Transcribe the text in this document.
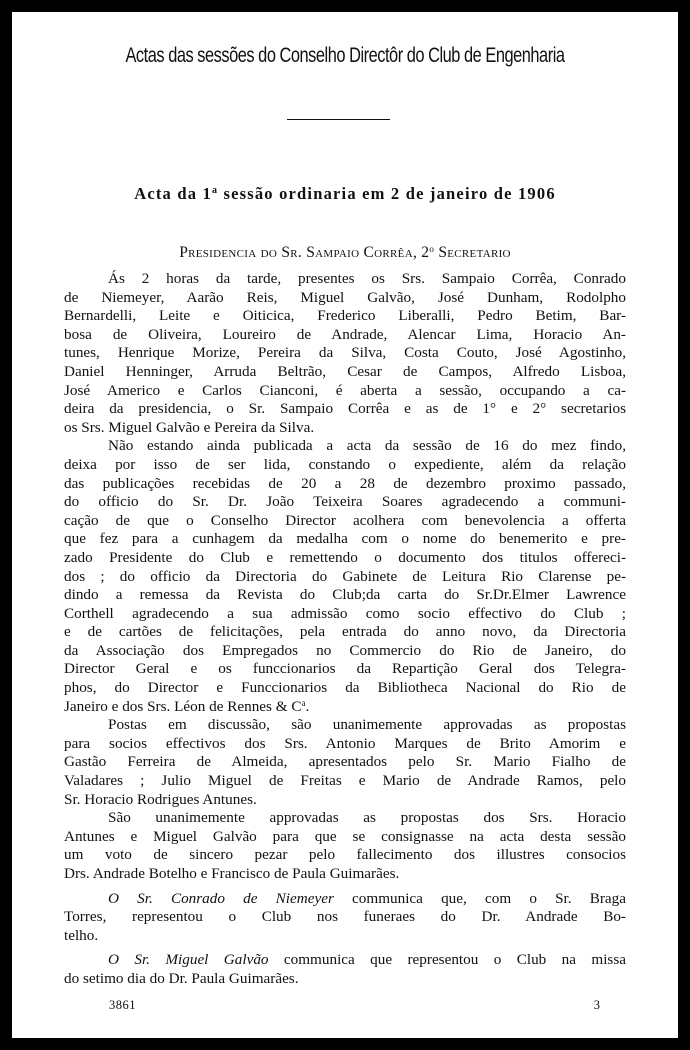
Actas das sessões do Conselho Directôr do Club de Engenharia
Acta da 1$^a$ sessão ordinaria em 2 de janeiro de 1906
Presidencia do Sr. Sampaio Corrêa, 2$^o$ Secretario
Ás 2 horas da tarde, presentes os Srs. Sampaio Corrêa, Conrado
de Niemeyer, Aarão Reis, Miguel Galvão, José Dunham, Rodolpho
Bernardelli, Leite e Oiticica, Frederico Liberalli, Pedro Betim, Bar-
bosa de Oliveira, Loureiro de Andrade, Alencar Lima, Horacio An-
tunes, Henrique Morize, Pereira da Silva, Costa Couto, José Agostinho,
Daniel Henninger, Arruda Beltrão, Cesar de Campos, Alfredo Lisboa,
José Americo e Carlos Cianconi, é aberta a sessão, occupando a ca-
deira da presidencia, o Sr. Sampaio Corrêa e as de 1° e 2° secretarios
os Srs. Miguel Galvão e Pereira da Silva.
Não estando ainda publicada a acta da sessão de 16 do mez findo,
deixa por isso de ser lida, constando o expediente, além da relação
das publicações recebidas de 20 a 28 de dezembro proximo passado,
do officio do Sr. Dr. João Teixeira Soares agradecendo a communi-
cação de que o Conselho Director acolhera com benevolencia a offerta
que fez para a cunhagem da medalha com o nome do benemerito e pre-
zado Presidente do Club e remettendo o documento dos titulos offereci-
dos ; do officio da Directoria do Gabinete de Leitura Rio Clarense pe-
dindo a remessa da Revista do Club;da carta do Sr.Dr.Elmer Lawrence
Corthell agradecendo a sua admissão como socio effectivo do Club ;
e de cartões de felicitações, pela entrada do anno novo, da Directoria
da Associação dos Empregados no Commercio do Rio de Janeiro, do
Director Geral e os funccionarios da Repartição Geral dos Telegra-
phos, do Director e Funccionarios da Bibliotheca Nacional do Rio de
Janeiro e dos Srs. Léon de Rennes & $C^a$.
Postas em discussão, são unanimemente approvadas as propostas
para socios effectivos dos Srs. Antonio Marques de Brito Amorim e
Gastão Ferreira de Almeida, apresentados pelo Sr. Mario Fialho de
Valadares ; Julio Miguel de Freitas e Mario de Andrade Ramos, pelo
Sr. Horacio Rodrigues Antunes.
São unanimemente approvadas as propostas dos Srs. Horacio
Antunes e Miguel Galvão para que se consignasse na acta desta sessão
um voto de sincero pezar pelo fallecimento dos illustres consocios
Drs. Andrade Botelho e Francisco de Paula Guimarães.
O Sr. Conrado de Niemeyer communica que, com o Sr. Braga
Torres, representou o Club nos funeraes do Dr. Andrade Bo-
telho.
O Sr. Miguel Galvão communica que representou o Club na missa
do setimo dia do Dr. Paula Guimarães.
3861	3
